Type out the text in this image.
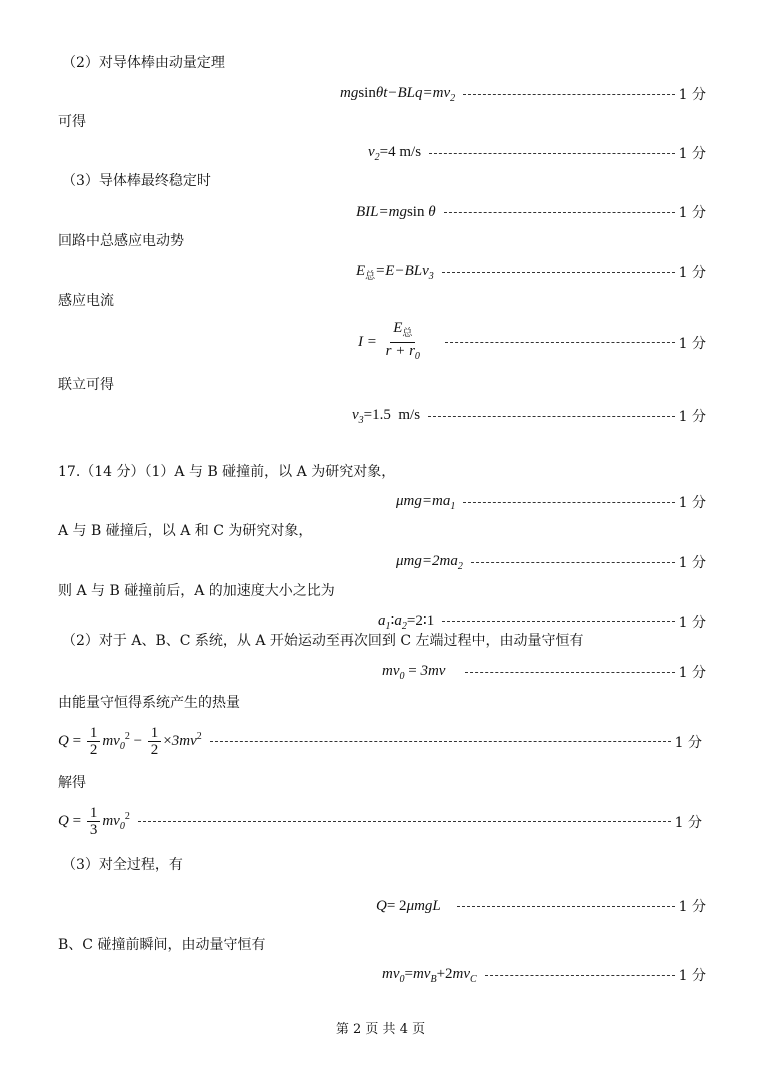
（2）对导体棒由动量定理
$mgsin\theta t-BLq=mv_2$	1 分
可得
$v_2=4$ m/s	1 分
（3）导体棒最终稳定时
BIL=mgsin θ	1 分
回路中总感应电动势
$E_总=E-BLv_3$	1 分
感应电流
$I = \frac{E_总}{r + r_0}$	1 分
联立可得
$v_3=1.5$  m/s	1 分
17.（14 分）（1）A 与 B 碰撞前，以 A 为研究对象，
$\mu mg=ma_1$	1 分
A 与 B 碰撞后，以 A 和 C 为研究对象，
$\mu mg=2ma_2$	1 分
则 A 与 B 碰撞前后，A 的加速度大小之比为
$a_1∶a_2=2∶1$	1 分
（2）对于 A、B、C 系统，从 A 开始运动至再次回到 C 左端过程中，由动量守恒有
$mv_0 = 3mv$	1 分
由能量守恒得系统产生的热量
$Q = \frac{1}{2} mv_0^2 - \frac{1}{2} \times 3mv^2$	1 分
解得
$Q = \frac{1}{3} mv_0^2$	1 分
（3）对全过程，有
Q= 2μmgL	1 分
B、C 碰撞前瞬间，由动量守恒有
$mv_0=mv_B+2mv_C$	1 分
第 2 页 共 4 页
